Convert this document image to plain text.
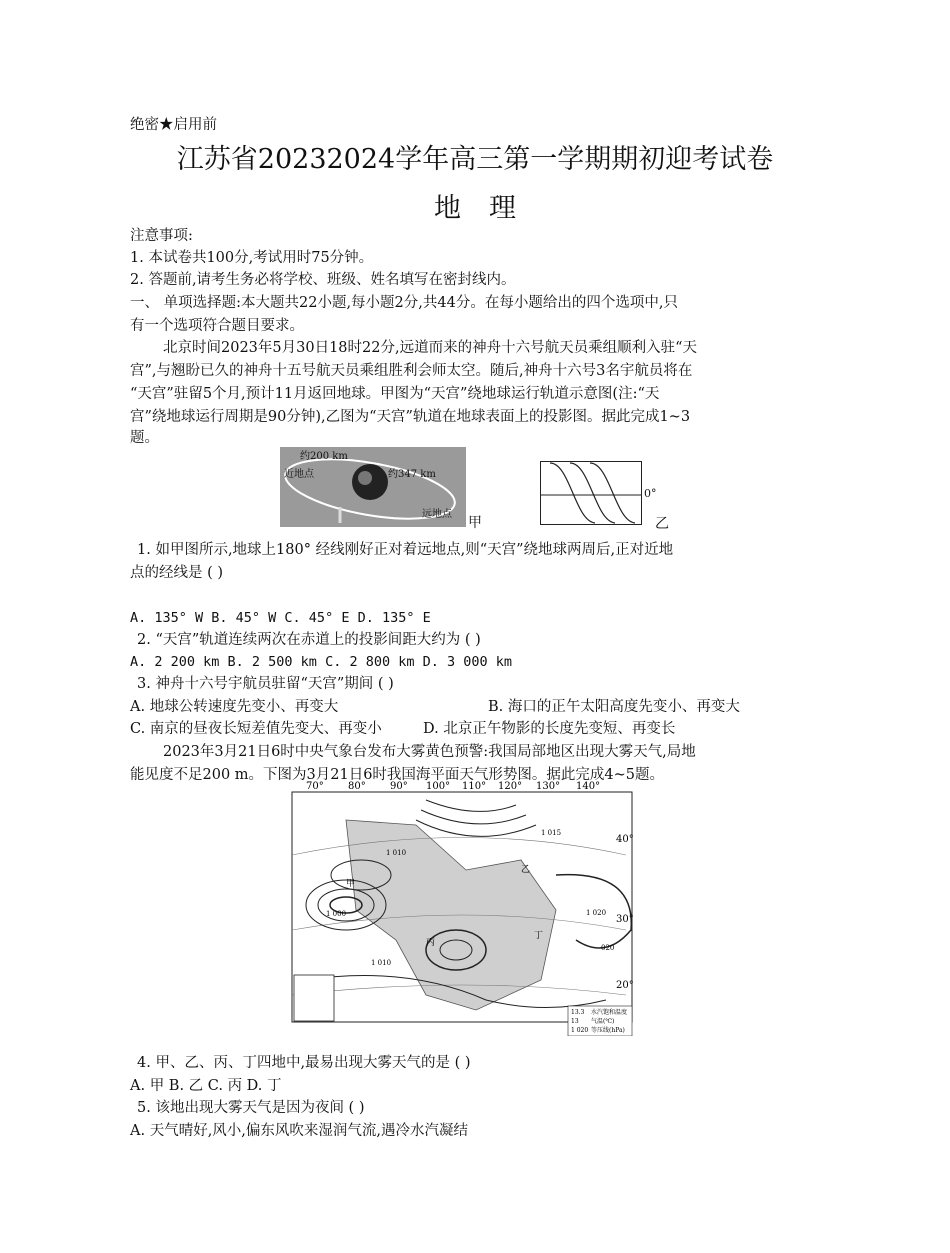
绝密★启用前
江苏省20232024学年高三第一学期期初迎考试卷
地理
注意事项:
1. 本试卷共100分,考试用时75分钟。
2. 答题前,请考生务必将学校、班级、姓名填写在密封线内。
一、 单项选择题:本大题共22小题,每小题2分,共44分。在每小题给出的四个选项中,只
有一个选项符合题目要求。
北京时间2023年5月30日18时22分,远道而来的神舟十六号航天员乘组顺利入驻“天
宫”,与翘盼已久的神舟十五号航天员乘组胜利会师太空。随后,神舟十六号3名宇航员将在
“天宫”驻留5个月,预计11月返回地球。甲图为“天宫”绕地球运行轨道示意图(注:“天
宫”绕地球运行周期是90分钟),乙图为“天宫”轨道在地球表面上的投影图。据此完成1~3
题。
约200 km
约347 km
近地点
远地点
甲
0°
乙
1. 如甲图所示,地球上180° 经线刚好正对着远地点,则“天宫”绕地球两周后,正对近地
点的经线是 ( )
A. 135° W B. 45° W C. 45° E D. 135° E
2. “天宫”轨道连续两次在赤道上的投影间距大约为 ( )
A. 2 200 km B. 2 500 km C. 2 800 km D. 3 000 km
3. 神舟十六号宇航员驻留“天宫”期间 ( )
A. 地球公转速度先变小、再变大	B. 海口的正午太阳高度先变小、再变大
C. 南京的昼夜长短差值先变大、再变小	D. 北京正午物影的长度先变短、再变长
2023年3月21日6时中央气象台发布大雾黄色预警:我国局部地区出现大雾天气,局地
能见度不足200 m。下图为3月21日6时我国海平面天气形势图。据此完成4~5题。
70° 80° 90° 100° 110° 120° 130° 140°
40°
30°
20°
1 010
1 000
1 010
1 015
020
1 020
甲
乙
丙
丁
13.3 水汽饱和温度
13 气温(℃)
1 020 等压线(hPa)
4. 甲、乙、丙、丁四地中,最易出现大雾天气的是 ( )
A. 甲 B. 乙 C. 丙 D. 丁
5. 该地出现大雾天气是因为夜间 ( )
A. 天气晴好,风小,偏东风吹来湿润气流,遇冷水汽凝结
